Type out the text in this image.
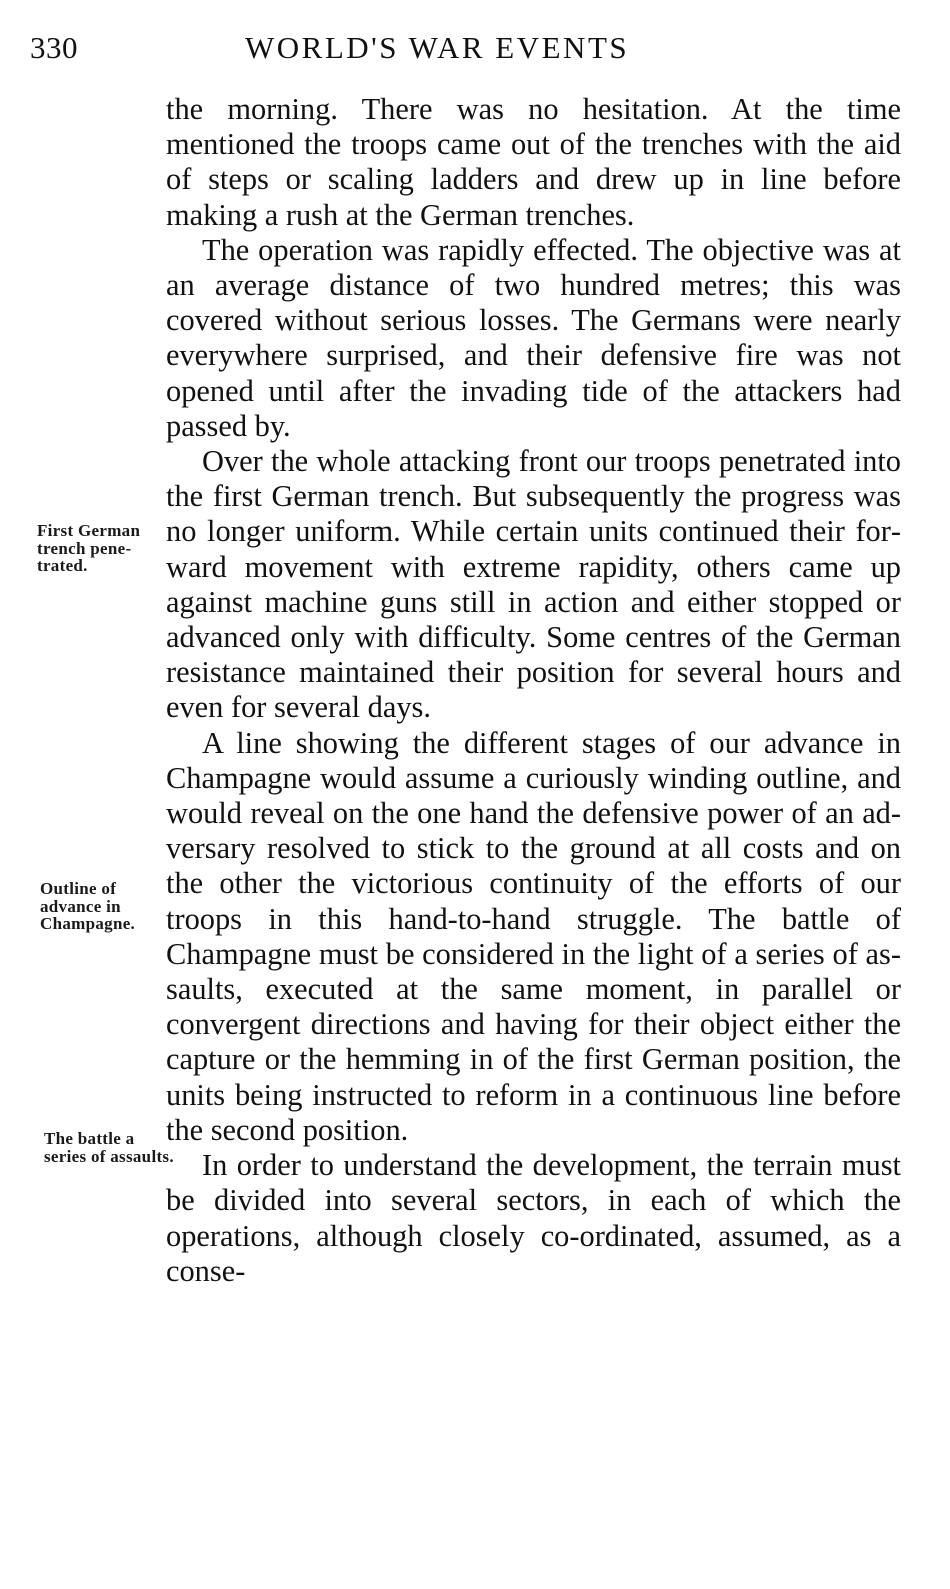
330	WORLD'S WAR EVENTS

the morning. There was no hesitation. At the time mentioned the troops came out of the trenches with the aid of steps or scaling ladders and drew up in line before making a rush at the German trenches.

The operation was rapidly effected. The objective was at an average distance of two hundred metres; this was covered without serious losses. The Germans were nearly everywhere surprised, and their defensive fire was not opened until after the invading tide of the attackers had passed by.

Over the whole attacking front our troops penetrated into the first German trench. But subsequently the progress was no longer uniform. While certain units continued their forward movement with extreme rapidity, others came up against machine guns still in action and either stopped or advanced only with difficulty. Some centres of the German resistance maintained their position for several hours and even for several days.

A line showing the different stages of our advance in Champagne would assume a curiously winding outline, and would reveal on the one hand the defensive power of an adversary resolved to stick to the ground at all costs and on the other the victorious continuity of the efforts of our troops in this hand-to-hand struggle. The battle of Champagne must be considered in the light of a series of assaults, executed at the same moment, in parallel or convergent directions and having for their object either the capture or the hemming in of the first German position, the units being instructed to reform in a continuous line before the second position.

In order to understand the development, the terrain must be divided into several sectors, in each of which the operations, although closely co-ordinated, assumed, as a conse-

First German trench penetrated.
Outline of advance in Champagne.
The battle a series of assaults.
